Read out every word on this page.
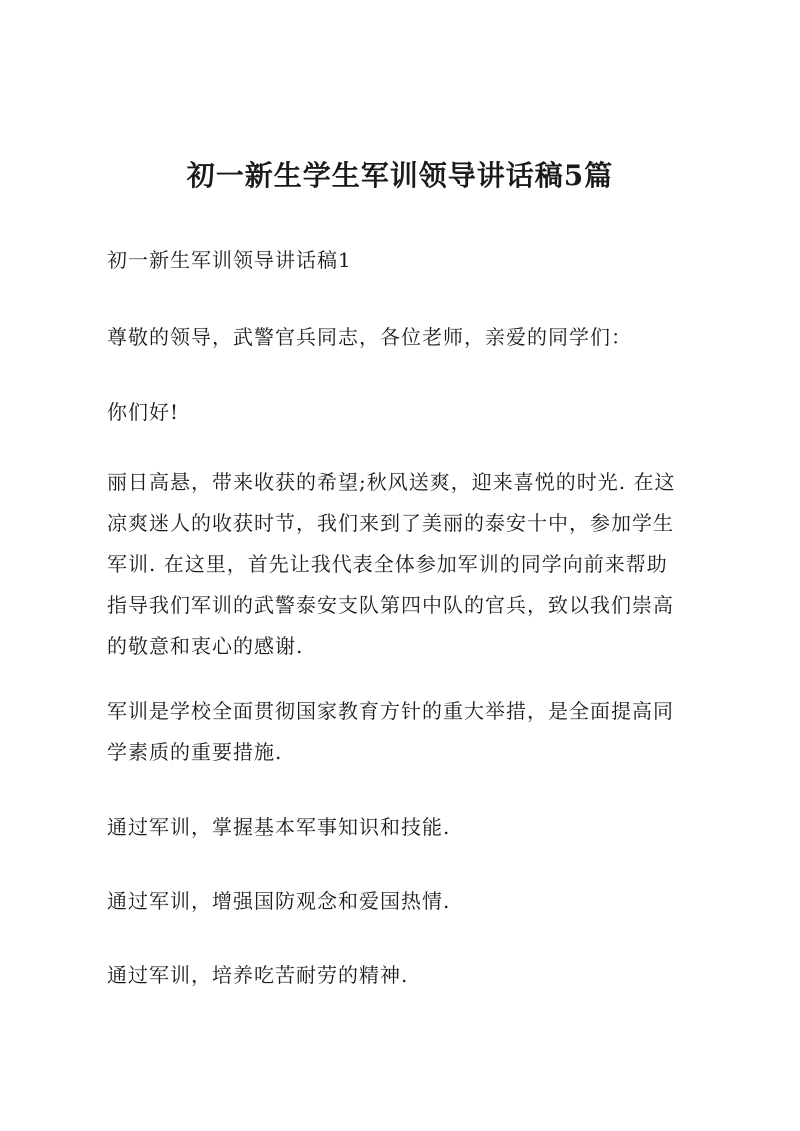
初一新生学生军训领导讲话稿5篇
初一新生军训领导讲话稿1
尊敬的领导，武警官兵同志，各位老师，亲爱的同学们：
你们好!
丽日高悬，带来收获的希望;秋风送爽，迎来喜悦的时光. 在这
凉爽迷人的收获时节，我们来到了美丽的泰安十中，参加学生
军训. 在这里，首先让我代表全体参加军训的同学向前来帮助
指导我们军训的武警泰安支队第四中队的官兵，致以我们崇高
的敬意和衷心的感谢.
军训是学校全面贯彻国家教育方针的重大举措，是全面提高同
学素质的重要措施.
通过军训，掌握基本军事知识和技能.
通过军训，增强国防观念和爱国热情.
通过军训，培养吃苦耐劳的精神.
